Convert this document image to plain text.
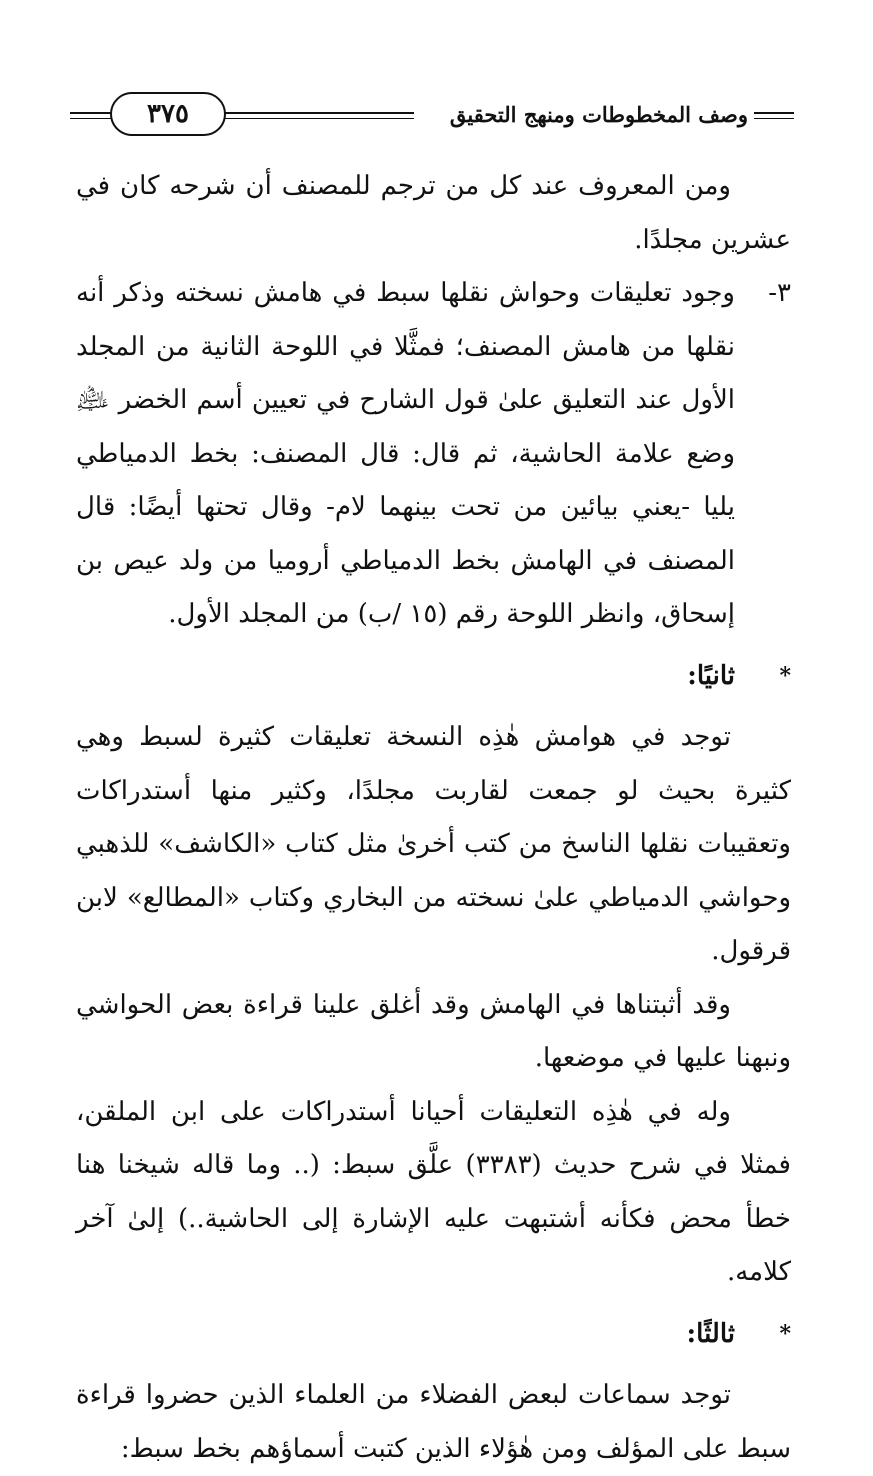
وصف المخطوطات ومنهج التحقيق
٣٧٥

ومن المعروف عند كل من ترجم للمصنف أن شرحه كان في عشرين مجلدًا.

٣-
وجود تعليقات وحواش نقلها سبط في هامش نسخته وذكر أنه نقلها من هامش المصنف؛ فمثَّلا في اللوحة الثانية من المجلد الأول عند التعليق علىٰ قول الشارح في تعيين أسم الخضر ﵇ وضع علامة الحاشية، ثم قال: قال المصنف: بخط الدمياطي يليا -يعني بيائين من تحت بينهما لام- وقال تحتها أيضًا: قال المصنف في الهامش بخط الدمياطي أروميا من ولد عيص بن إسحاق، وانظر اللوحة رقم (١٥ /ب) من المجلد الأول.
*
ثانيًا:

توجد في هوامش هٰذِه النسخة تعليقات كثيرة لسبط وهي كثيرة بحيث لو جمعت لقاربت مجلدًا، وكثير منها أستدراكات وتعقيبات نقلها الناسخ من كتب أخرىٰ مثل كتاب «الكاشف» للذهبي وحواشي الدمياطي علىٰ نسخته من البخاري وكتاب «المطالع» لابن قرقول.

وقد أثبتناها في الهامش وقد أغلق علينا قراءة بعض الحواشي ونبهنا عليها في موضعها.

وله في هٰذِه التعليقات أحيانا أستدراكات على ابن الملقن، فمثلا في شرح حديث (٣٣٨٣) علَّق سبط: (.. وما قاله شيخنا هنا خطأ محض فكأنه أشتبهت عليه الإشارة إلى الحاشية..) إلىٰ آخر كلامه.

*
ثالثًا:

توجد سماعات لبعض الفضلاء من العلماء الذين حضروا قراءة سبط على المؤلف ومن هٰؤلاء الذين كتبت أسماؤهم بخط سبط:
